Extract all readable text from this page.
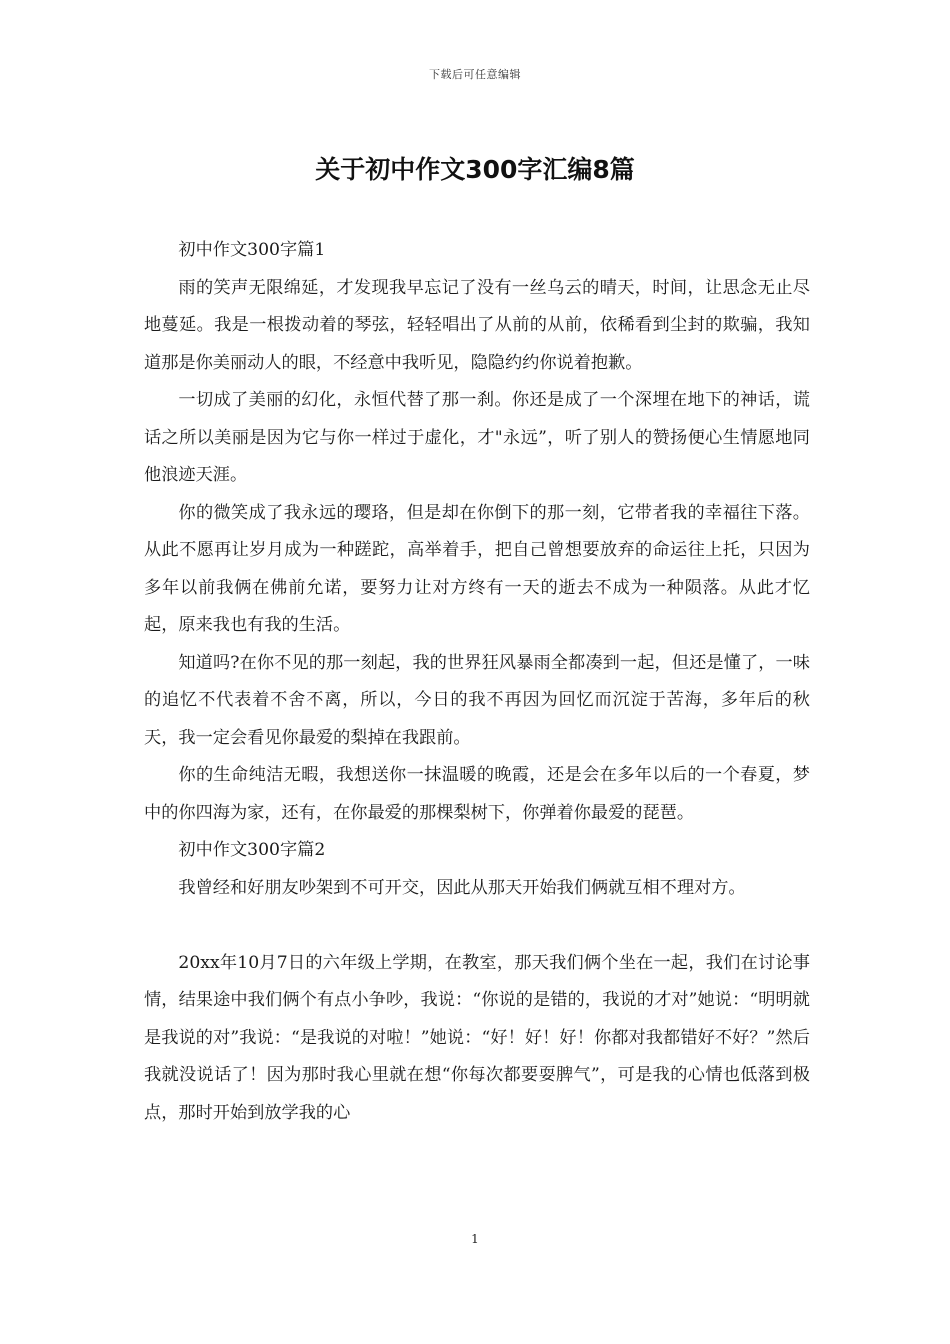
下载后可任意编辑
关于初中作文300字汇编8篇

初中作文300字篇1

雨的笑声无限绵延，才发现我早忘记了没有一丝乌云的晴天，时间，让思念无止尽地蔓延。我是一根拨动着的琴弦，轻轻唱出了从前的从前，依稀看到尘封的欺骗，我知道那是你美丽动人的眼，不经意中我听见，隐隐约约你说着抱歉。

一切成了美丽的幻化，永恒代替了那一刹。你还是成了一个深埋在地下的神话，谎话之所以美丽是因为它与你一样过于虚化，才"永远”，听了别人的赞扬便心生情愿地同他浪迹天涯。

你的微笑成了我永远的璎珞，但是却在你倒下的那一刻，它带者我的幸福往下落。从此不愿再让岁月成为一种蹉跎，高举着手，把自己曾想要放弃的命运往上托，只因为多年以前我俩在佛前允诺，要努力让对方终有一天的逝去不成为一种陨落。从此才忆起，原来我也有我的生活。

知道吗?在你不见的那一刻起，我的世界狂风暴雨全都凑到一起，但还是懂了，一味的追忆不代表着不舍不离，所以，今日的我不再因为回忆而沉淀于苦海，多年后的秋天，我一定会看见你最爱的梨掉在我跟前。

你的生命纯洁无暇，我想送你一抹温暖的晚霞，还是会在多年以后的一个春夏，梦中的你四海为家，还有，在你最爱的那棵梨树下，你弹着你最爱的琵琶。

初中作文300字篇2

我曾经和好朋友吵架到不可开交，因此从那天开始我们俩就互相不理对方。

20xx年10月7日的六年级上学期，在教室，那天我们俩个坐在一起，我们在讨论事情，结果途中我们俩个有点小争吵，我说：“你说的是错的，我说的才对”她说：“明明就是我说的对”我说：“是我说的对啦！”她说：“好！好！好！你都对我都错好不好？”然后我就没说话了！因为那时我心里就在想“你每次都要耍脾气”，可是我的心情也低落到极点，那时开始到放学我的心

1
